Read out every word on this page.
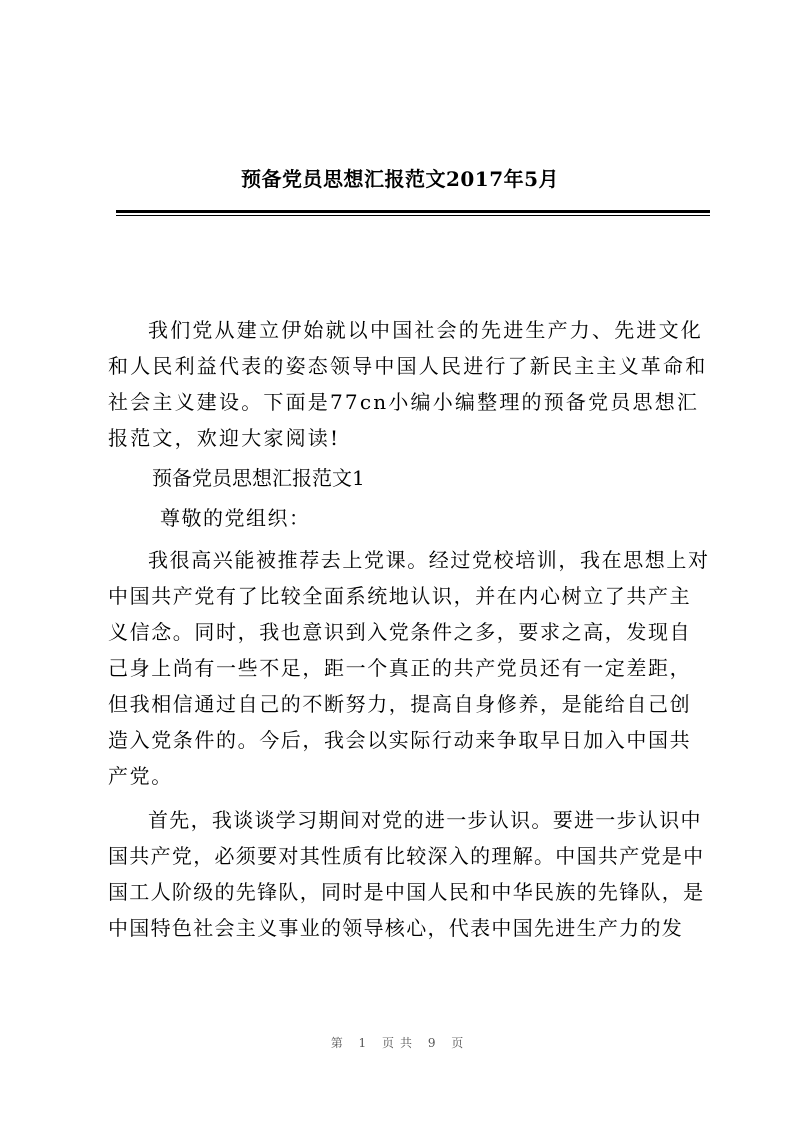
预备党员思想汇报范文2017年5月

我们党从建立伊始就以中国社会的先进生产力、先进文化和人民利益代表的姿态领导中国人民进行了新民主主义革命和社会主义建设。下面是77cn小编小编整理的预备党员思想汇报范文，欢迎大家阅读!

预备党员思想汇报范文1

尊敬的党组织：

我很高兴能被推荐去上党课。经过党校培训，我在思想上对中国共产党有了比较全面系统地认识，并在内心树立了共产主义信念。同时，我也意识到入党条件之多，要求之高，发现自己身上尚有一些不足，距一个真正的共产党员还有一定差距，但我相信通过自己的不断努力，提高自身修养，是能给自己创造入党条件的。今后，我会以实际行动来争取早日加入中国共产党。

首先，我谈谈学习期间对党的进一步认识。要进一步认识中国共产党，必须要对其性质有比较深入的理解。中国共产党是中国工人阶级的先锋队，同时是中国人民和中华民族的先锋队，是中国特色社会主义事业的领导核心，代表中国先进生产力的发

第 1 页共 9 页
